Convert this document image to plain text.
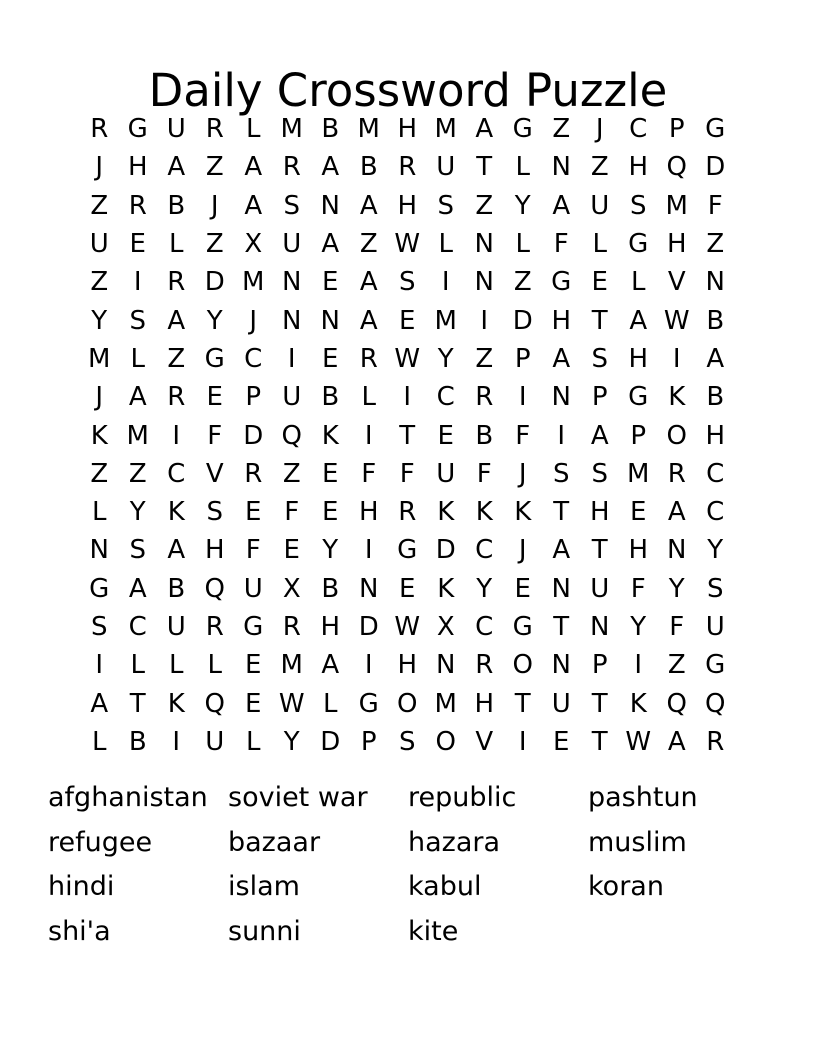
Daily Crossword Puzzle
R G U R L M B M H M A G Z J C P G
J H A Z A R A B R U T L N Z H Q D
Z R B J A S N A H S Z Y A U S M F
U E L Z X U A Z W L N L F L G H Z
Z I R D M N E A S	I N Z G E L V N
Y S A Y	J N N A E M I D H T A W B
M L Z G C I	E R W Y Z P A S H I A
J A R E P U B L	I C R I N P G K B
K M I	F D Q K	I	T E B F	I A P O H
Z Z C V R Z E F F U F	J	S S M R C
L Y K S E F E H R K K K T H E A C
N S A H F E Y	I G D C J A T H N Y
G A B Q U X B N E K Y E N U F Y S
S C U R G R H D W X C G T N Y F U
I	L L L E M A I H N R O N P	I Z G
A T K Q E W L G O M H T U T K Q Q
L B I U L Y D P S O V I	E T W A R
afghanistan
refugee
hindi
shi'a
soviet war
bazaar
islam
sunni
republic
hazara
kabul
kite
pashtun
muslim
koran
